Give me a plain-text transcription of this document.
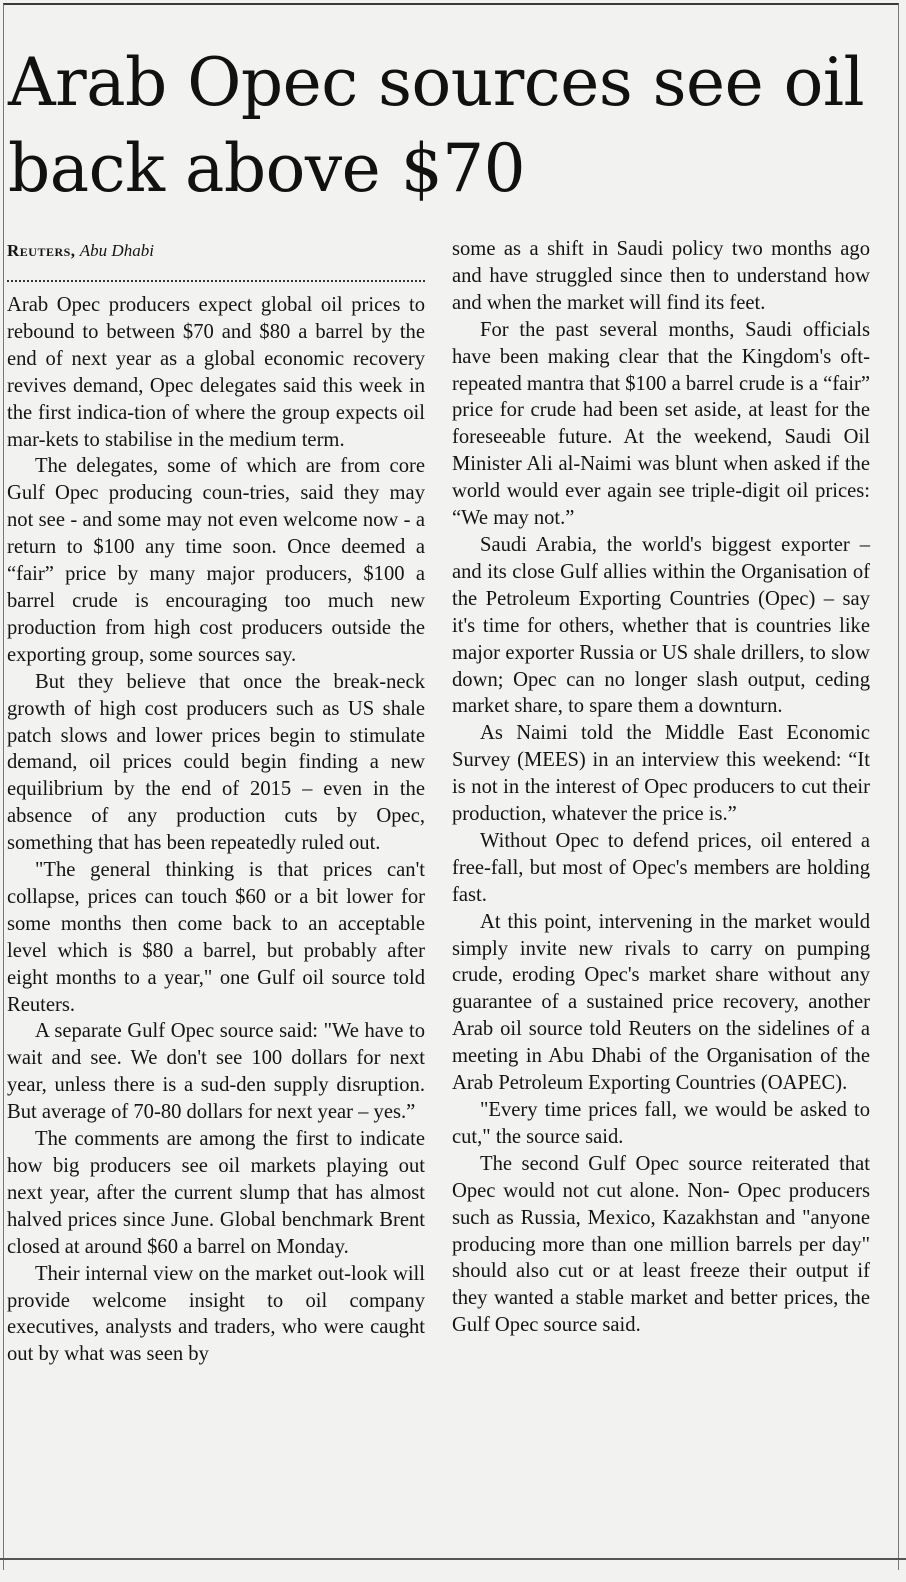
Arab Opec sources see oil back above $70
Reuters, Abu Dhabi

Arab Opec producers expect global oil prices to rebound to between $70 and $80 a barrel by the end of next year as a global economic recovery revives demand, Opec delegates said this week in the first indica-tion of where the group expects oil mar-kets to stabilise in the medium term.

The delegates, some of which are from core Gulf Opec producing coun-tries, said they may not see - and some may not even welcome now - a return to $100 any time soon. Once deemed a “fair” price by many major producers, $100 a barrel crude is encouraging too much new production from high cost producers outside the exporting group, some sources say.

But they believe that once the break-neck growth of high cost producers such as US shale patch slows and lower prices begin to stimulate demand, oil prices could begin finding a new equilibrium by the end of 2015 – even in the absence of any production cuts by Opec, something that has been repeatedly ruled out.

"The general thinking is that prices can't collapse, prices can touch $60 or a bit lower for some months then come back to an acceptable level which is $80 a barrel, but probably after eight months to a year," one Gulf oil source told Reuters.

A separate Gulf Opec source said: "We have to wait and see. We don't see 100 dollars for next year, unless there is a sud-den supply disruption. But average of 70-80 dollars for next year – yes.”

The comments are among the first to indicate how big producers see oil markets playing out next year, after the current slump that has almost halved prices since June. Global benchmark Brent closed at around $60 a barrel on Monday.

Their internal view on the market out-look will provide welcome insight to oil company executives, analysts and traders, who were caught out by what was seen by

some as a shift in Saudi policy two months ago and have struggled since then to understand how and when the market will find its feet.

For the past several months, Saudi officials have been making clear that the Kingdom's oft-repeated mantra that $100 a barrel crude is a “fair” price for crude had been set aside, at least for the foreseeable future. At the weekend, Saudi Oil Minister Ali al-Naimi was blunt when asked if the world would ever again see triple-digit oil prices: “We may not.”

Saudi Arabia, the world's biggest exporter – and its close Gulf allies within the Organisation of the Petroleum Exporting Countries (Opec) – say it's time for others, whether that is countries like major exporter Russia or US shale drillers, to slow down; Opec can no longer slash output, ceding market share, to spare them a downturn.

As Naimi told the Middle East Economic Survey (MEES) in an interview this weekend: “It is not in the interest of Opec producers to cut their production, whatever the price is.”

Without Opec to defend prices, oil entered a free-fall, but most of Opec's members are holding fast.

At this point, intervening in the market would simply invite new rivals to carry on pumping crude, eroding Opec's market share without any guarantee of a sustained price recovery, another Arab oil source told Reuters on the sidelines of a meeting in Abu Dhabi of the Organisation of the Arab Petroleum Exporting Countries (OAPEC).

"Every time prices fall, we would be asked to cut," the source said.

The second Gulf Opec source reiterated that Opec would not cut alone. Non- Opec producers such as Russia, Mexico, Kazakhstan and "anyone producing more than one million barrels per day" should also cut or at least freeze their output if they wanted a stable market and better prices, the Gulf Opec source said.
